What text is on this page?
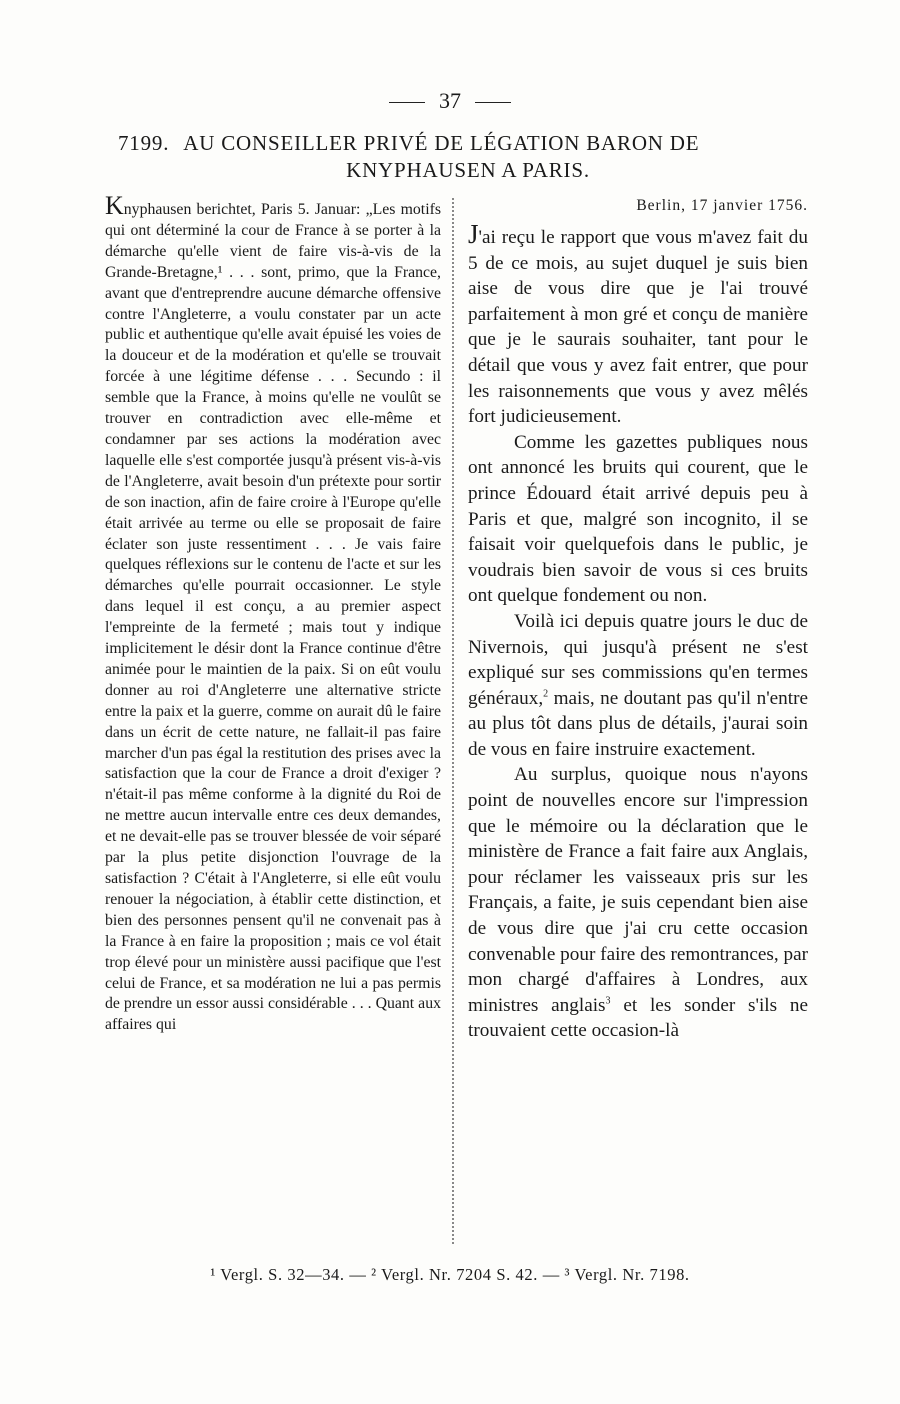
37
7199. AU CONSEILLER PRIVÉ DE LÉGATION BARON DE
KNYPHAUSEN A PARIS.
Knyphausen berichtet, Paris 5. Januar: „Les motifs qui ont déterminé la cour de France à se porter à la démarche qu'elle vient de faire vis-à-vis de la Grande-Bretagne,¹ . . . sont, primo, que la France, avant que d'entreprendre aucune démarche offensive contre l'Angleterre, a voulu constater par un acte public et authentique qu'elle avait épuisé les voies de la douceur et de la modération et qu'elle se trouvait forcée à une légitime défense . . . Secundo : il semble que la France, à moins qu'elle ne voulût se trouver en contradiction avec elle-même et condamner par ses actions la modération avec laquelle elle s'est comportée jusqu'à présent vis-à-vis de l'Angleterre, avait besoin d'un prétexte pour sortir de son inaction, afin de faire croire à l'Europe qu'elle était arrivée au terme ou elle se proposait de faire éclater son juste ressentiment . . . Je vais faire quelques réflexions sur le contenu de l'acte et sur les démarches qu'elle pourrait occasionner. Le style dans lequel il est conçu, a au premier aspect l'empreinte de la fermeté ; mais tout y indique implicitement le désir dont la France continue d'être animée pour le maintien de la paix. Si on eût voulu donner au roi d'Angleterre une alternative stricte entre la paix et la guerre, comme on aurait dû le faire dans un écrit de cette nature, ne fallait-il pas faire marcher d'un pas égal la restitution des prises avec la satisfaction que la cour de France a droit d'exiger ? n'était-il pas même conforme à la dignité du Roi de ne mettre aucun intervalle entre ces deux demandes, et ne devait-elle pas se trouver blessée de voir séparé par la plus petite disjonction l'ouvrage de la satisfaction ? C'était à l'Angleterre, si elle eût voulu renouer la négociation, à établir cette distinction, et bien des personnes pensent qu'il ne convenait pas à la France à en faire la proposition ; mais ce vol était trop élevé pour un ministère aussi pacifique que l'est celui de France, et sa modération ne lui a pas permis de prendre un essor aussi considérable . . . Quant aux affaires qui
Berlin, 17 janvier 1756.

J'ai reçu le rapport que vous m'avez fait du 5 de ce mois, au sujet duquel je suis bien aise de vous dire que je l'ai trouvé parfaitement à mon gré et conçu de manière que je le saurais souhaiter, tant pour le détail que vous y avez fait entrer, que pour les raisonnements que vous y avez mêlés fort judicieusement.

Comme les gazettes publiques nous ont annoncé les bruits qui courent, que le prince Édouard était arrivé depuis peu à Paris et que, malgré son incognito, il se faisait voir quelquefois dans le public, je voudrais bien savoir de vous si ces bruits ont quelque fondement ou non.

Voilà ici depuis quatre jours le duc de Nivernois, qui jusqu'à présent ne s'est expliqué sur ses commissions qu'en termes généraux,$^2$ mais, ne doutant pas qu'il n'entre au plus tôt dans plus de détails, j'aurai soin de vous en faire instruire exactement.

Au surplus, quoique nous n'ayons point de nouvelles encore sur l'impression que le mémoire ou la déclaration que le ministère de France a fait faire aux Anglais, pour réclamer les vaisseaux pris sur les Français, a faite, je suis cependant bien aise de vous dire que j'ai cru cette occasion convenable pour faire des remontrances, par mon chargé d'affaires à Londres, aux ministres anglais$^3$ et les sonder s'ils ne trouvaient cette occasion-là

¹ Vergl. S. 32—34. — ² Vergl. Nr. 7204 S. 42. — ³ Vergl. Nr. 7198.
